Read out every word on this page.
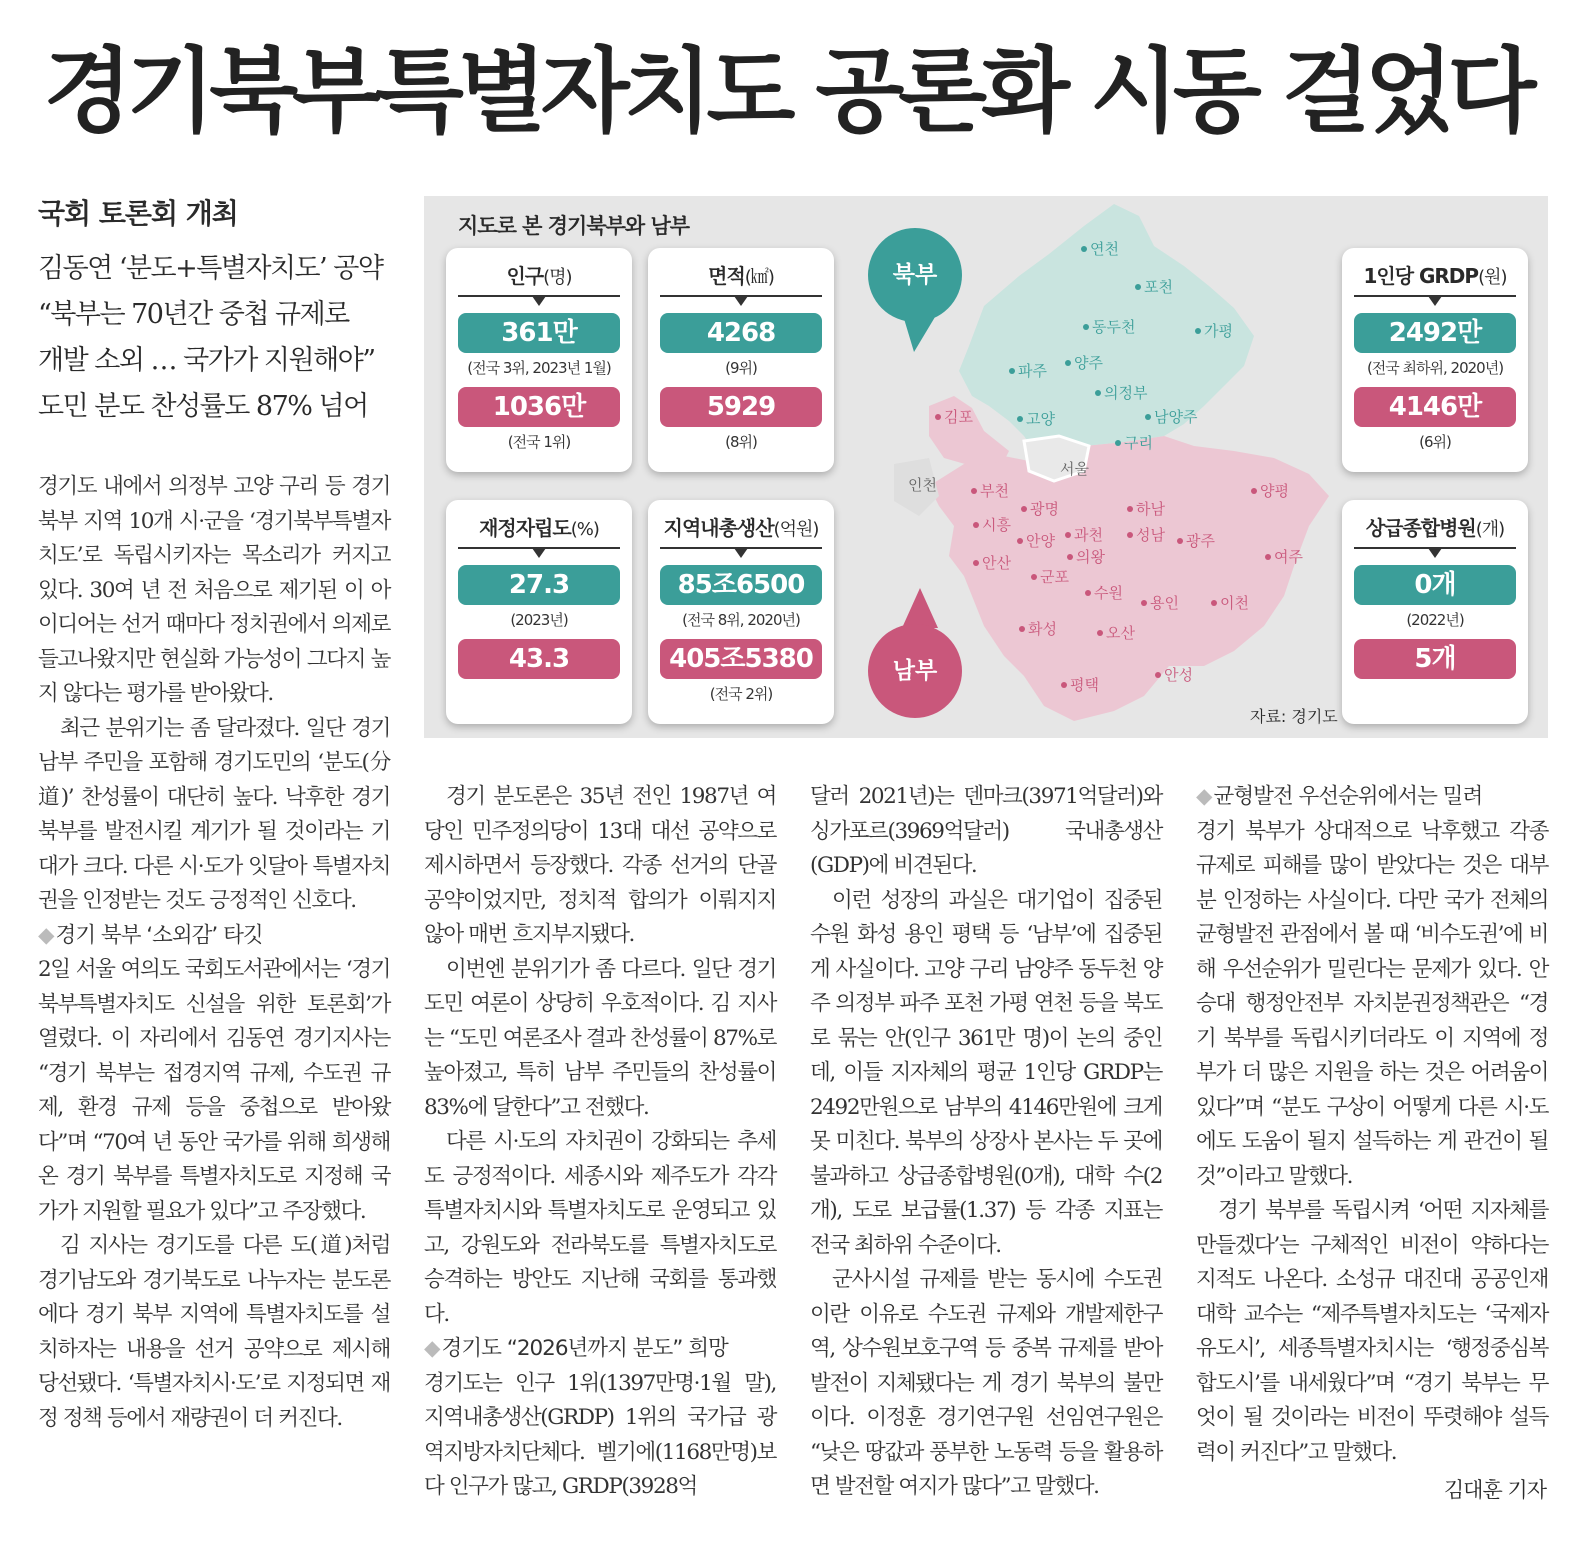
경기북부특별자치도 공론화 시동 걸었다
국회 토론회 개최
김동연 ‘분도+특별자치도’ 공약
“북부는 70년간 중첩 규제로
개발 소외 … 국가가 지원해야”
도민 분도 찬성률도 87% 넘어
지도로 본 경기북부와 남부
연천
포천
동두천	가평
파주 양주
의정부
고양	남양주
구리
김포
부천
광명	하남
양평
시흥
과천 성남 광주
안양
의왕	여주
안산
군포
수원
용인	이천
화성	오산
안성
평택
서울
인천
북부
남부
자료: 경기도
인구(명)
361만
(전국 3위, 2023년 1월)
1036만
(전국 1위)
면적(㎢)
4268
(9위)
5929
(8위)
재정자립도(%)
27.3
(2023년)
43.3
지역내총생산(억원)
85조6500
(전국 8위, 2020년)
405조5380
(전국 2위)
1인당 GRDP(원)
2492만
(전국 최하위, 2020년)
4146만
(6위)
상급종합병원(개)
0개
(2022년)
5개

경기도 내에서 의정부 고양 구리 등 경기 북부 지역 10개 시·군을 ‘경기북부특별자치도’로 독립시키자는 목소리가 커지고 있다. 30여 년 전 처음으로 제기된 이 아이디어는 선거 때마다 정치권에서 의제로 들고나왔지만 현실화 가능성이 그다지 높지 않다는 평가를 받아왔다.

최근 분위기는 좀 달라졌다. 일단 경기 남부 주민을 포함해 경기도민의 ‘분도(分道)’ 찬성률이 대단히 높다. 낙후한 경기 북부를 발전시킬 계기가 될 것이라는 기대가 크다. 다른 시·도가 잇달아 특별자치권을 인정받는 것도 긍정적인 신호다.

◆ 경기 북부 ‘소외감’ 타깃

2일 서울 여의도 국회도서관에서는 ‘경기북부특별자치도 신설을 위한 토론회’가 열렸다. 이 자리에서 김동연 경기지사는 “경기 북부는 접경지역 규제, 수도권 규제, 환경 규제 등을 중첩으로 받아왔다”며 “70여 년 동안 국가를 위해 희생해온 경기 북부를 특별자치도로 지정해 국가가 지원할 필요가 있다”고 주장했다.

김 지사는 경기도를 다른 도(道)처럼 경기남도와 경기북도로 나누자는 분도론에다 경기 북부 지역에 특별자치도를 설치하자는 내용을 선거 공약으로 제시해 당선됐다. ‘특별자치시·도’로 지정되면 재정 정책 등에서 재량권이 더 커진다.

경기 분도론은 35년 전인 1987년 여당인 민주정의당이 13대 대선 공약으로 제시하면서 등장했다. 각종 선거의 단골 공약이었지만, 정치적 합의가 이뤄지지 않아 매번 흐지부지됐다.

이번엔 분위기가 좀 다르다. 일단 경기도민 여론이 상당히 우호적이다. 김 지사는 “도민 여론조사 결과 찬성률이 87%로 높아졌고, 특히 남부 주민들의 찬성률이 83%에 달한다”고 전했다.

다른 시·도의 자치권이 강화되는 추세도 긍정적이다. 세종시와 제주도가 각각 특별자치시와 특별자치도로 운영되고 있고, 강원도와 전라북도를 특별자치도로 승격하는 방안도 지난해 국회를 통과했다.

◆ 경기도 “2026년까지 분도” 희망

경기도는 인구 1위(1397만명·1월 말), 지역내총생산(GRDP) 1위의 국가급 광역지방자치단체다. 벨기에(1168만명)보다 인구가 많고, GRDP(3928억

달러 2021년)는 덴마크(3971억달러)와 싱가포르(3969억달러) 국내총생산(GDP)에 비견된다.

이런 성장의 과실은 대기업이 집중된 수원 화성 용인 평택 등 ‘남부’에 집중된 게 사실이다. 고양 구리 남양주 동두천 양주 의정부 파주 포천 가평 연천 등을 북도로 묶는 안(인구 361만 명)이 논의 중인데, 이들 지자체의 평균 1인당 GRDP는 2492만원으로 남부의 4146만원에 크게 못 미친다. 북부의 상장사 본사는 두 곳에 불과하고 상급종합병원(0개), 대학 수(2개), 도로 보급률(1.37) 등 각종 지표는 전국 최하위 수준이다.

군사시설 규제를 받는 동시에 수도권이란 이유로 수도권 규제와 개발제한구역, 상수원보호구역 등 중복 규제를 받아 발전이 지체됐다는 게 경기 북부의 불만이다. 이정훈 경기연구원 선임연구원은 “낮은 땅값과 풍부한 노동력 등을 활용하면 발전할 여지가 많다”고 말했다.

◆ 균형발전 우선순위에서는 밀려

경기 북부가 상대적으로 낙후했고 각종 규제로 피해를 많이 받았다는 것은 대부분 인정하는 사실이다. 다만 국가 전체의 균형발전 관점에서 볼 때 ‘비수도권’에 비해 우선순위가 밀린다는 문제가 있다. 안승대 행정안전부 자치분권정책관은 “경기 북부를 독립시키더라도 이 지역에 정부가 더 많은 지원을 하는 것은 어려움이 있다”며 “분도 구상이 어떻게 다른 시·도에도 도움이 될지 설득하는 게 관건이 될 것”이라고 말했다.

경기 북부를 독립시켜 ‘어떤 지자체를 만들겠다’는 구체적인 비전이 약하다는 지적도 나온다. 소성규 대진대 공공인재대학 교수는 “제주특별자치도는 ‘국제자유도시’, 세종특별자치시는 ‘행정중심복합도시’를 내세웠다”며 “경기 북부는 무엇이 될 것이라는 비전이 뚜렷해야 설득력이 커진다”고 말했다.

김대훈 기자
